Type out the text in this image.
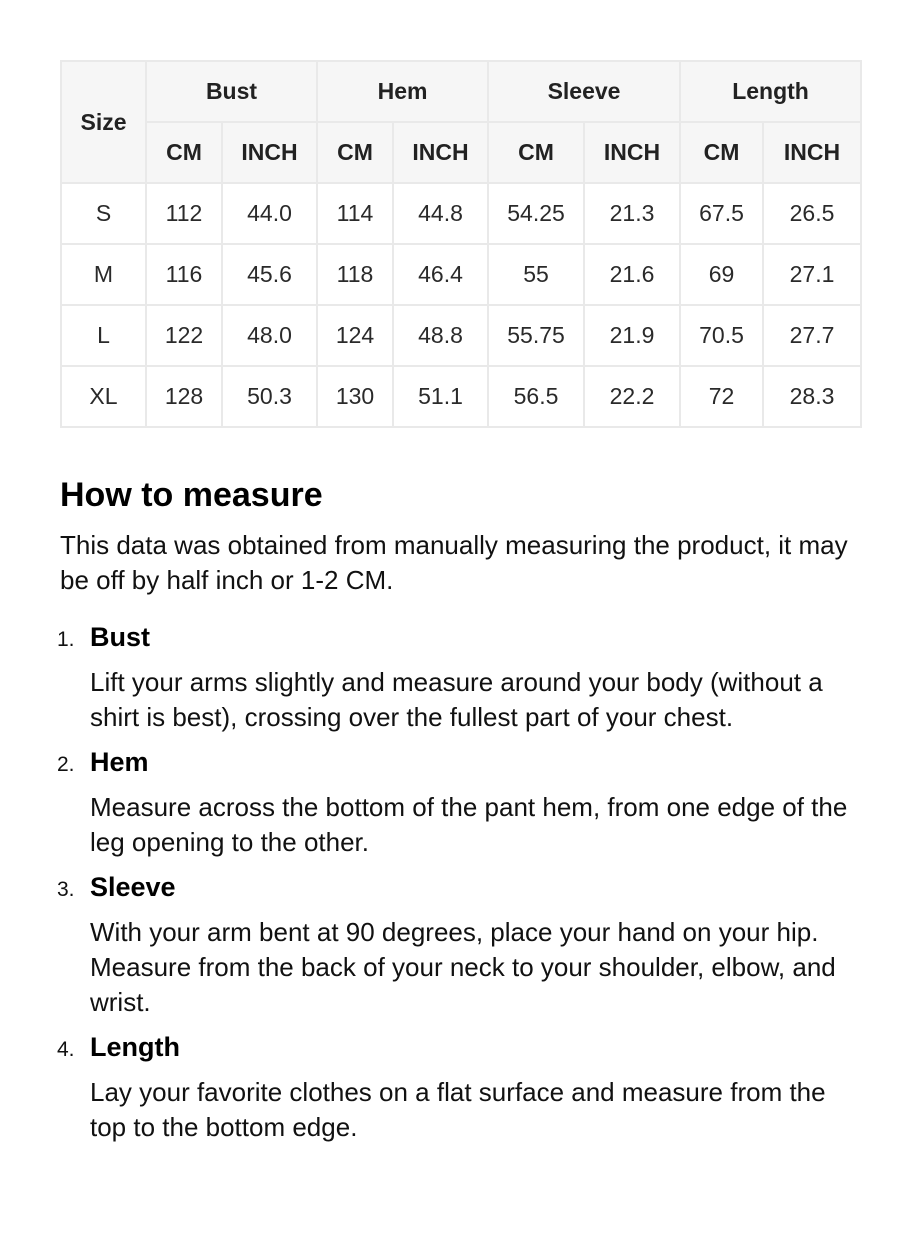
Size	Bust		Hem		Sleeve		Length	
	CM	INCH	CM	INCH	CM	INCH	CM	INCH
S	112	44.0	114	44.8	54.25	21.3	67.5	26.5
M	116	45.6	118	46.4	55	21.6	69	27.1
L	122	48.0	124	48.8	55.75	21.9	70.5	27.7
XL	128	50.3	130	51.1	56.5	22.2	72	28.3
How to measure

This data was obtained from manually measuring the product, it may be off by half inch or 1-2 CM.

1. Bust

Lift your arms slightly and measure around your body (without a shirt is best), crossing over the fullest part of your chest.

2. Hem

Measure across the bottom of the pant hem, from one edge of the leg opening to the other.

3. Sleeve

With your arm bent at 90 degrees, place your hand on your hip. Measure from the back of your neck to your shoulder, elbow, and wrist.

4. Length

Lay your favorite clothes on a flat surface and measure from the top to the bottom edge.
